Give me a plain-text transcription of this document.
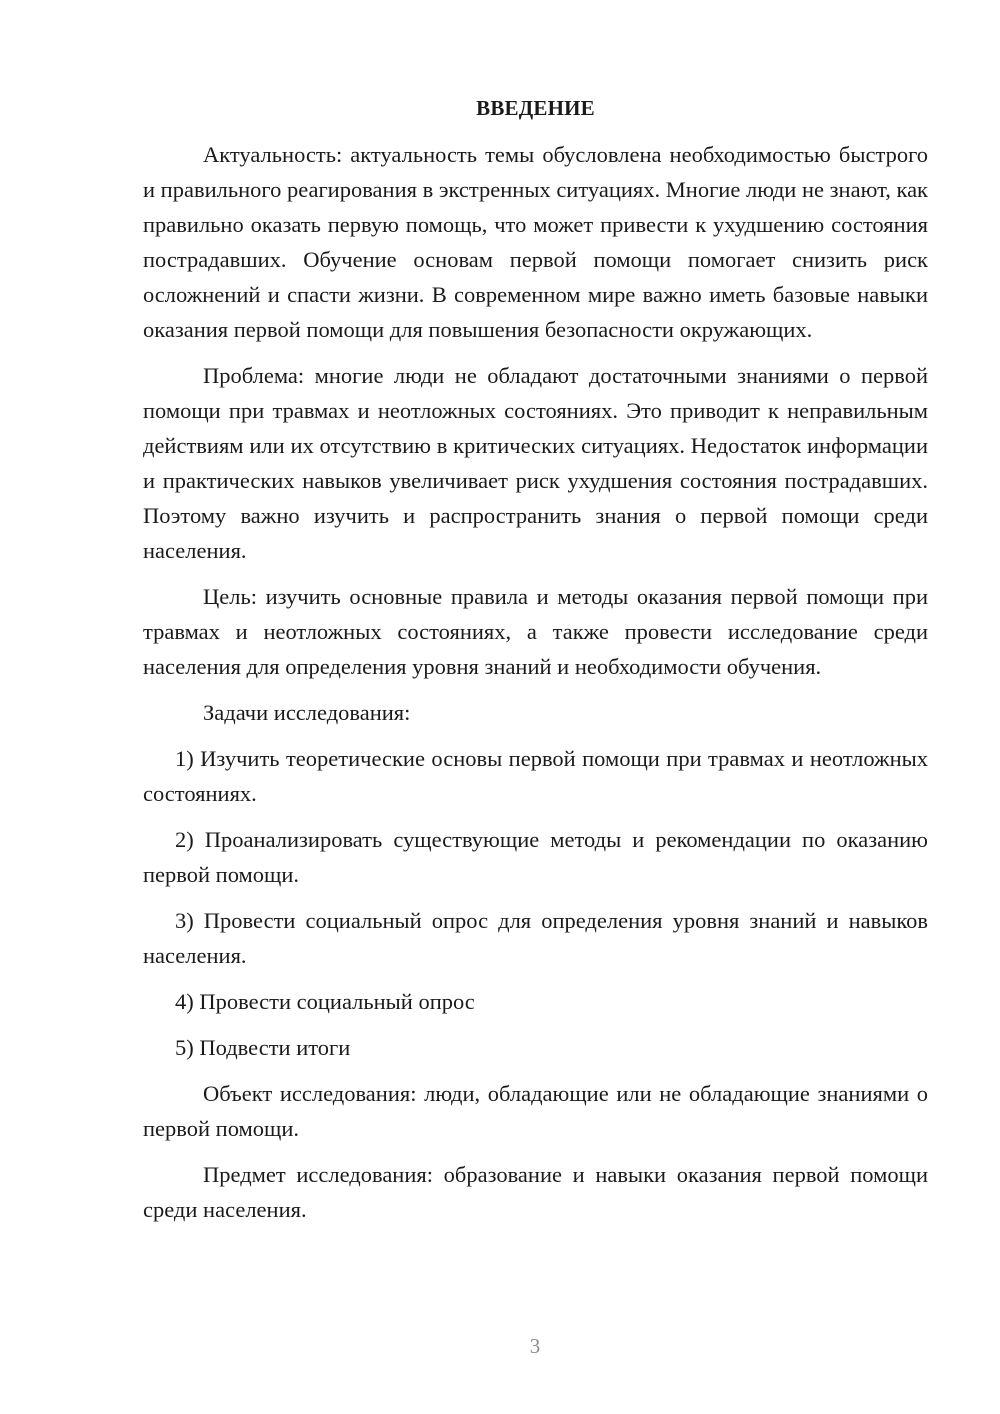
ВВЕДЕНИЕ

Актуальность: актуальность темы обусловлена необходимостью быстрого и правильного реагирования в экстренных ситуациях. Многие люди не знают, как правильно оказать первую помощь, что может привести к ухудшению состояния пострадавших. Обучение основам первой помощи помогает снизить риск осложнений и спасти жизни. В современном мире важно иметь базовые навыки оказания первой помощи для повышения безопасности окружающих.

Проблема: многие люди не обладают достаточными знаниями о первой помощи при травмах и неотложных состояниях. Это приводит к неправильным действиям или их отсутствию в критических ситуациях. Недостаток информации и практических навыков увеличивает риск ухудшения состояния пострадавших. Поэтому важно изучить и распространить знания о первой помощи среди населения.

Цель: изучить основные правила и методы оказания первой помощи при травмах и неотложных состояниях, а также провести исследование среди населения для определения уровня знаний и необходимости обучения.

Задачи исследования:

1) Изучить теоретические основы первой помощи при травмах и неотложных состояниях.

2) Проанализировать существующие методы и рекомендации по оказанию первой помощи.

3) Провести социальный опрос для определения уровня знаний и навыков населения.

4) Провести социальный опрос

5) Подвести итоги

Объект исследования: люди, обладающие или не обладающие знаниями о первой помощи.

Предмет исследования: образование и навыки оказания первой помощи среди населения.

3
